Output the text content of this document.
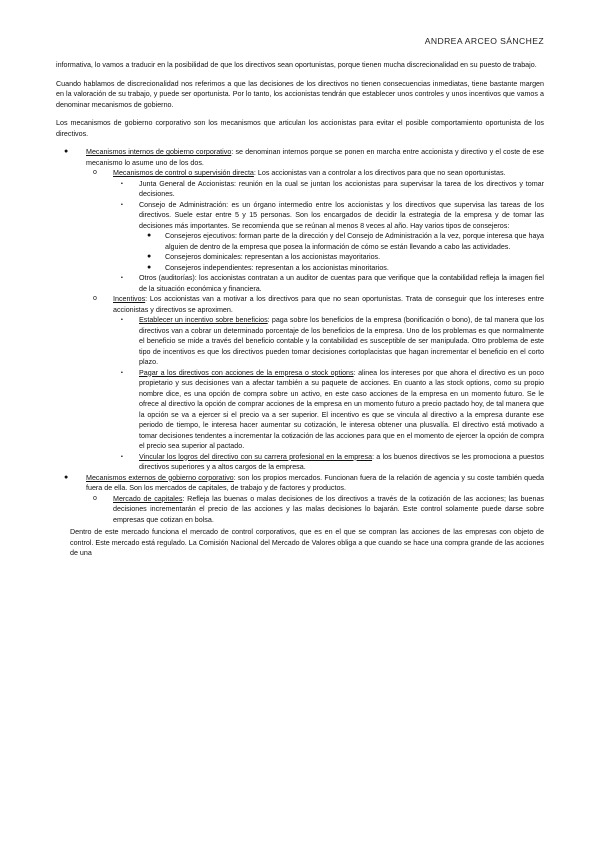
ANDREA ARCEO SÁNCHEZ

informativa, lo vamos a traducir en la posibilidad de que los directivos sean oportunistas, porque tienen mucha discrecionalidad en su puesto de trabajo.

Cuando hablamos de discrecionalidad nos referimos a que las decisiones de los directivos no tienen consecuencias inmediatas, tiene bastante margen en la valoración de su trabajo, y puede ser oportunista. Por lo tanto, los accionistas tendrán que establecer unos controles y unos incentivos que vamos a denominar mecanismos de gobierno.

Los mecanismos de gobierno corporativo son los mecanismos que articulan los accionistas para evitar el posible comportamiento oportunista de los directivos.

● Mecanismos internos de gobierno corporativo: se denominan internos porque se ponen en marcha entre accionista y directivo y el coste de ese mecanismo lo asume uno de los dos.
o Mecanismos de control o supervisión directa: Los accionistas van a controlar a los directivos para que no sean oportunistas.
▪ Junta General de Accionistas: reunión en la cual se juntan los accionistas para supervisar la tarea de los directivos y tomar decisiones.
▪ Consejo de Administración: es un órgano intermedio entre los accionistas y los directivos que supervisa las tareas de los directivos. Suele estar entre 5 y 15 personas. Son los encargados de decidir la estrategia de la empresa y de tomar las decisiones más importantes. Se recomienda que se reúnan al menos 8 veces al año. Hay varios tipos de consejeros:
● Consejeros ejecutivos: forman parte de la dirección y del Consejo de Administración a la vez, porque interesa que haya alguien de dentro de la empresa que posea la información de cómo se están llevando a cabo las actividades.
● Consejeros dominicales: representan a los accionistas mayoritarios.
● Consejeros independientes: representan a los accionistas minoritarios.
▪ Otros (auditorías): los accionistas contratan a un auditor de cuentas para que verifique que la contabilidad refleja la imagen fiel de la situación económica y financiera.
o Incentivos: Los accionistas van a motivar a los directivos para que no sean oportunistas. Trata de conseguir que los intereses entre accionistas y directivos se aproximen.
▪ Establecer un incentivo sobre beneficios: paga sobre los beneficios de la empresa (bonificación o bono), de tal manera que los directivos van a cobrar un determinado porcentaje de los beneficios de la empresa. Uno de los problemas es que normalmente el beneficio se mide a través del beneficio contable y la contabilidad es susceptible de ser manipulada. Otro problema de este tipo de incentivos es que los directivos pueden tomar decisiones cortoplacistas que hagan incrementar el beneficio en el corto plazo.
▪ Pagar a los directivos con acciones de la empresa o stock options: alinea los intereses por que ahora el directivo es un poco propietario y sus decisiones van a afectar también a su paquete de acciones. En cuanto a las stock options, como su propio nombre dice, es una opción de compra sobre un activo, en este caso acciones de la empresa en un momento futuro. Se le ofrece al directivo la opción de comprar acciones de la empresa en un momento futuro a precio pactado hoy, de tal manera que la opción se va a ejercer si el precio va a ser superior. El incentivo es que se vincula al directivo a la empresa durante ese periodo de tiempo, le interesa hacer aumentar su cotización, le interesa obtener una plusvalía. El directivo está motivado a tomar decisiones tendentes a incrementar la cotización de las acciones para que en el momento de ejercer la opción de compra el precio sea superior al pactado.
▪ Vincular los logros del directivo con su carrera profesional en la empresa: a los buenos directivos se les promociona a puestos directivos superiores y a altos cargos de la empresa.
● Mecanismos externos de gobierno corporativo: son los propios mercados. Funcionan fuera de la relación de agencia y su coste también queda fuera de ella. Son los mercados de capitales, de trabajo y de factores y productos.
o Mercado de capitales: Refleja las buenas o malas decisiones de los directivos a través de la cotización de las acciones; las buenas decisiones incrementarán el precio de las acciones y las malas decisiones lo bajarán. Este control solamente puede darse sobre empresas que cotizan en bolsa.
Dentro de este mercado funciona el mercado de control corporativos, que es en el que se compran las acciones de las empresas con objeto de control. Este mercado está regulado. La Comisión Nacional del Mercado de Valores obliga a que cuando se hace una compra grande de las acciones de una
